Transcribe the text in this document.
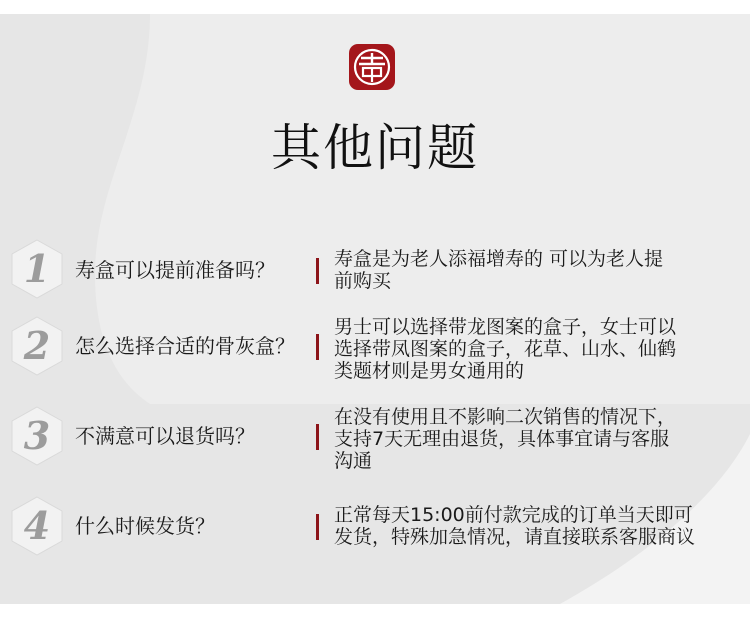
其他问题
1	寿盒可以提前准备吗？	寿盒是为老人添福增寿的 可以为老人提
前购买
2	怎么选择合适的骨灰盒？
男士可以选择带龙图案的盒子，女士可以
选择带凤图案的盒子，花草、山水、仙鹤
类题材则是男女通用的
3	不满意可以退货吗？
在没有使用且不影响二次销售的情况下，
支持7天无理由退货，具体事宜请与客服
沟通
4	什么时候发货？	正常每天15:00前付款完成的订单当天即可
发货，特殊加急情况，请直接联系客服商议
